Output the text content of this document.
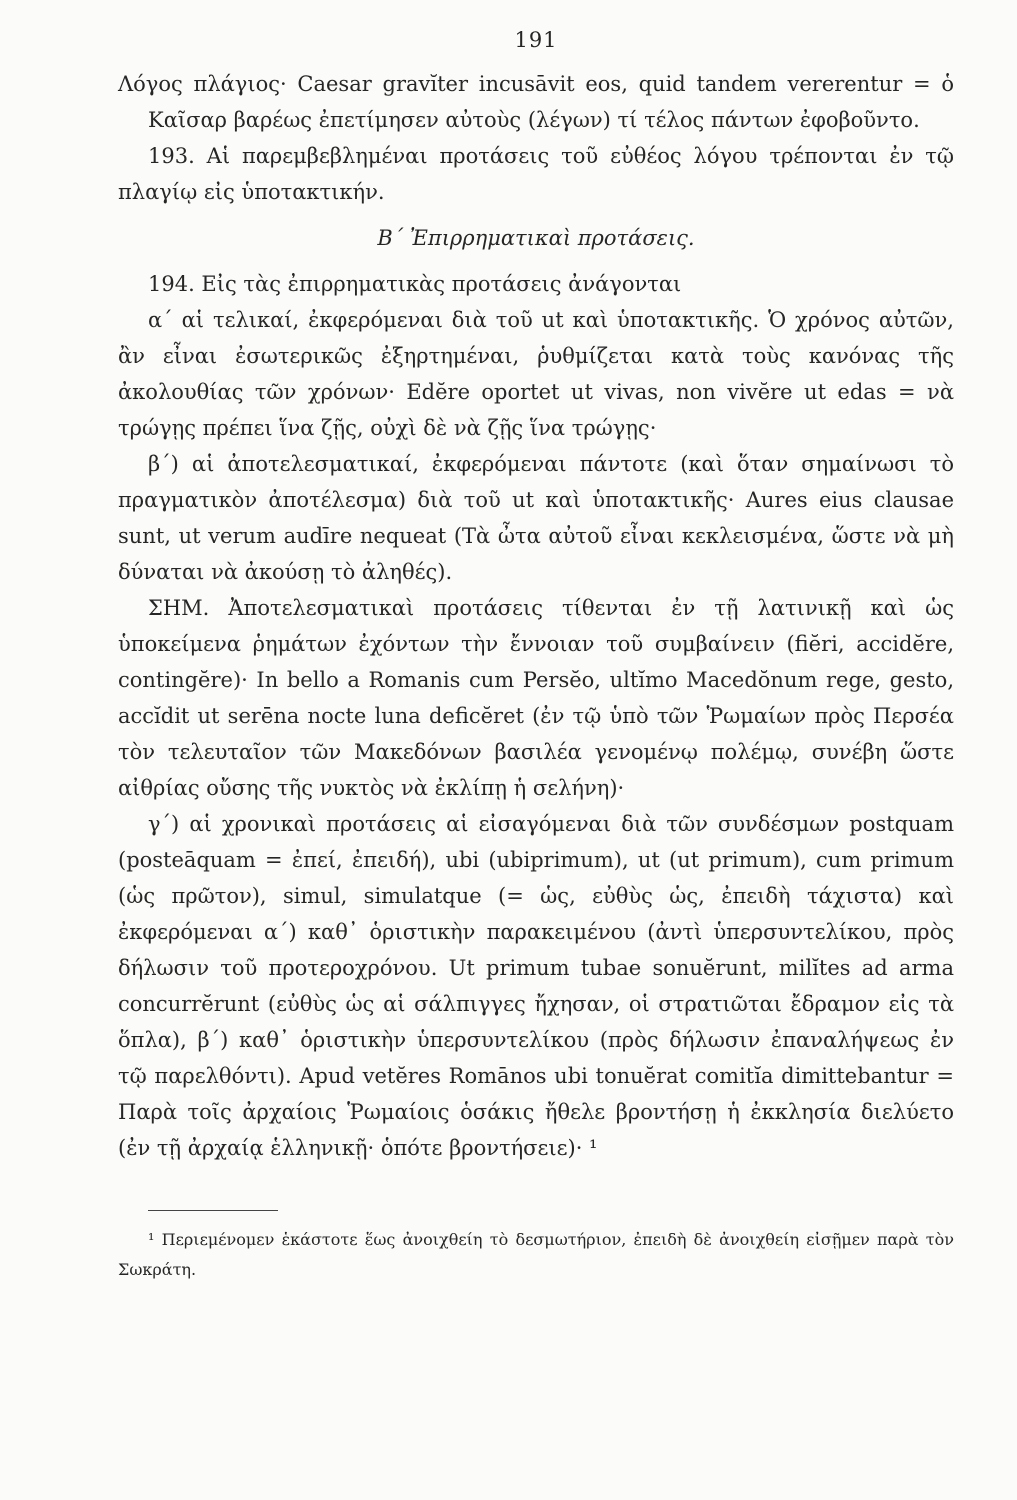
191

Λόγος πλάγιος· Caesar gravĭter incusāvit eos, quid tandem vererentur = ὁ Καῖσαρ βαρέως ἐπετίμησεν αὐτοὺς (λέγων) τί τέλος πάντων ἐφοβοῦντο.

193. Αἱ παρεμβεβλημέναι προτάσεις τοῦ εὐθέος λόγου τρέπονται ἐν τῷ πλαγίῳ εἰς ὑποτακτικήν.

Β΄ Ἐπιρρηματικαὶ προτάσεις.

194. Εἰς τὰς ἐπιρρηματικὰς προτάσεις ἀνάγονται

α΄ αἱ τελικαί, ἐκφερόμεναι διὰ τοῦ ut καὶ ὑποτακτικῆς. Ὁ χρόνος αὐτῶν, ἂν εἶναι ἐσωτερικῶς ἐξηρτημέναι, ῥυθμίζεται κατὰ τοὺς κανόνας τῆς ἀκολουθίας τῶν χρόνων· Edĕre oportet ut vivas, non vivĕre ut edas = νὰ τρώγῃς πρέπει ἵνα ζῇς, οὐχὶ δὲ νὰ ζῇς ἵνα τρώγῃς·

β΄) αἱ ἀποτελεσματικαί, ἐκφερόμεναι πάντοτε (καὶ ὅταν σημαίνωσι τὸ πραγματικὸν ἀποτέλεσμα) διὰ τοῦ ut καὶ ὑποτακτικῆς· Aures eius clausae sunt, ut verum audīre nequeat (Τὰ ὦτα αὐτοῦ εἶναι κεκλεισμένα, ὥστε νὰ μὴ δύναται νὰ ἀκούσῃ τὸ ἀληθές).

ΣΗΜ. Ἀποτελεσματικαὶ προτάσεις τίθενται ἐν τῇ λατινικῇ καὶ ὡς ὑποκείμενα ῥημάτων ἐχόντων τὴν ἔννοιαν τοῦ συμβαίνειν (fiĕri, accidĕre, contingĕre)· In bello a Romanis cum Persĕo, ultĭmo Macedŏnum rege, gesto, accĭdit ut serēna nocte luna deficĕret (ἐν τῷ ὑπὸ τῶν Ῥωμαίων πρὸς Περσέα τὸν τελευταῖον τῶν Μακεδόνων βασιλέα γενομένῳ πολέμῳ, συνέβη ὥστε αἰθρίας οὔσης τῆς νυκτὸς νὰ ἐκλίπῃ ἡ σελήνη)·

γ΄) αἱ χρονικαὶ προτάσεις αἱ εἰσαγόμεναι διὰ τῶν συνδέσμων postquam (posteāquam = ἐπεί, ἐπειδή), ubi (ubiprimum), ut (ut primum), cum primum (ὡς πρῶτον), simul, simulatque (= ὡς, εὐθὺς ὡς, ἐπειδὴ τάχιστα) καὶ ἐκφερόμεναι α΄) καθ᾽ ὁριστικὴν παρακειμένου (ἀντὶ ὑπερσυντελίκου, πρὸς δήλωσιν τοῦ προτεροχρόνου. Ut primum tubae sonuĕrunt, milĭtes ad arma concurrĕrunt (εὐθὺς ὡς αἱ σάλπιγγες ἤχησαν, οἱ στρατιῶται ἔδραμον εἰς τὰ ὅπλα), β΄) καθ᾽ ὁριστικὴν ὑπερσυντελίκου (πρὸς δήλωσιν ἐπαναλήψεως ἐν τῷ παρελθόντι). Apud vetĕres Romānos ubi tonuĕrat comitĭa dimittebantur = Παρὰ τοῖς ἀρχαίοις Ῥωμαίοις ὁσάκις ἤθελε βροντήσῃ ἡ ἐκκλησία διελύετο (ἐν τῇ ἀρχαίᾳ ἑλληνικῇ· ὁπότε βροντήσειε)· ¹

¹ Περιεμένομεν ἑκάστοτε ἕως ἀνοιχθείη τὸ δεσμωτήριον, ἐπειδὴ δὲ ἀνοιχθείη εἰσῇμεν παρὰ τὸν Σωκράτη.
